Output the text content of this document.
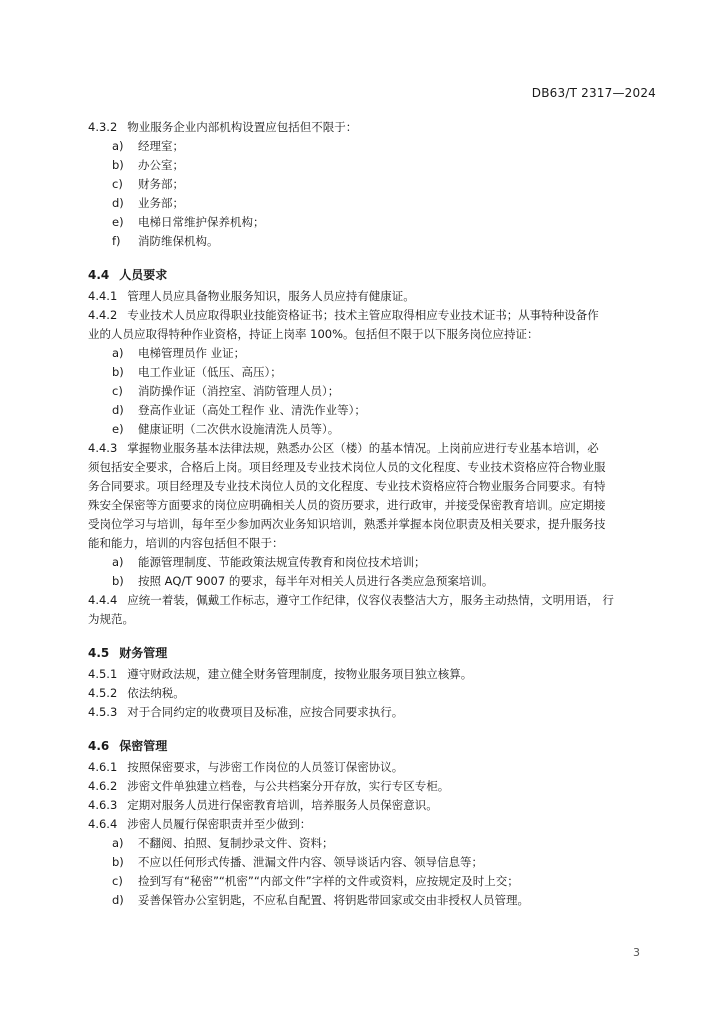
DB63/T 2317—2024
4.3.2 物业服务企业内部机构设置应包括但不限于：
a) 经理室；
b) 办公室；
c) 财务部；
d) 业务部；
e) 电梯日常维护保养机构；
f) 消防维保机构。
4.4 人员要求
4.4.1 管理人员应具备物业服务知识，服务人员应持有健康证。
4.4.2 专业技术人员应取得职业技能资格证书；技术主管应取得相应专业技术证书；从事特种设备作
业的人员应取得特种作业资格，持证上岗率 100%。包括但不限于以下服务岗位应持证：
a) 电梯管理员作 业证；
b) 电工作业证（低压、高压）；
c) 消防操作证（消控室、消防管理人员）；
d) 登高作业证（高处工程作 业、清洗作业等）；
e) 健康证明（二次供水设施清洗人员等）。
4.4.3 掌握物业服务基本法律法规，熟悉办公区（楼）的基本情况。上岗前应进行专业基本培训，必
须包括安全要求，合格后上岗。项目经理及专业技术岗位人员的文化程度、专业技术资格应符合物业服
务合同要求。项目经理及专业技术岗位人员的文化程度、专业技术资格应符合物业服务合同要求。有特
殊安全保密等方面要求的岗位应明确相关人员的资历要求，进行政审，并接受保密教育培训。应定期接
受岗位学习与培训，每年至少参加两次业务知识培训，熟悉并掌握本岗位职责及相关要求，提升服务技
能和能力，培训的内容包括但不限于：
a) 能源管理制度、节能政策法规宣传教育和岗位技术培训；
b) 按照 AQ/T 9007 的要求，每半年对相关人员进行各类应急预案培训。
4.4.4 应统一着装，佩戴工作标志，遵守工作纪律，仪容仪表整洁大方，服务主动热情，文明用语， 行
为规范。
4.5 财务管理
4.5.1 遵守财政法规，建立健全财务管理制度，按物业服务项目独立核算。
4.5.2 依法纳税。
4.5.3 对于合同约定的收费项目及标准，应按合同要求执行。
4.6 保密管理
4.6.1 按照保密要求，与涉密工作岗位的人员签订保密协议。
4.6.2 涉密文件单独建立档卷，与公共档案分开存放，实行专区专柜。
4.6.3 定期对服务人员进行保密教育培训，培养服务人员保密意识。
4.6.4 涉密人员履行保密职责并至少做到：
a) 不翻阅、拍照、复制抄录文件、资料；
b) 不应以任何形式传播、泄漏文件内容、领导谈话内容、领导信息等；
c) 捡到写有“秘密”“机密”“内部文件”字样的文件或资料，应按规定及时上交；
d) 妥善保管办公室钥匙，不应私自配置、将钥匙带回家或交由非授权人员管理。
3
